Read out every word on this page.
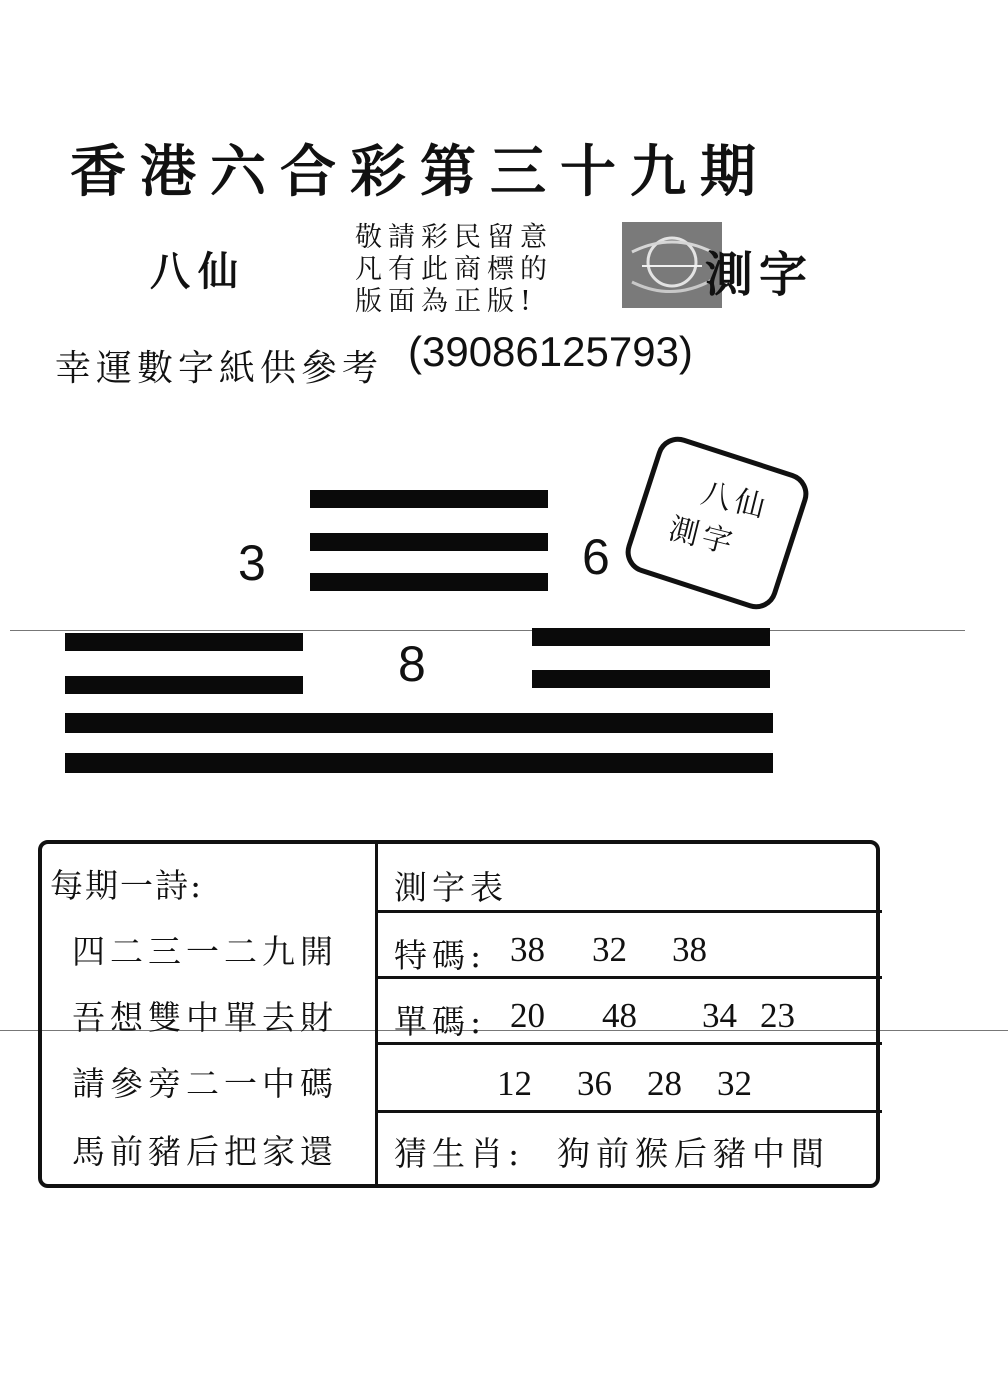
香港六合彩第三十九期
八仙
敬請彩民留意
凡有此商標的
版面為正版!	測字
幸運數字紙供參考 (39086125793)
3	6
八仙
測字
8
每期一詩:
四二三一二九開
吾想雙中單去財
請參旁二一中碼
馬前豬后把家還
測字表
特碼: 38 32 38
單碼: 20 48 34 23
12 36 28 32
猜生肖: 狗前猴后豬中間
